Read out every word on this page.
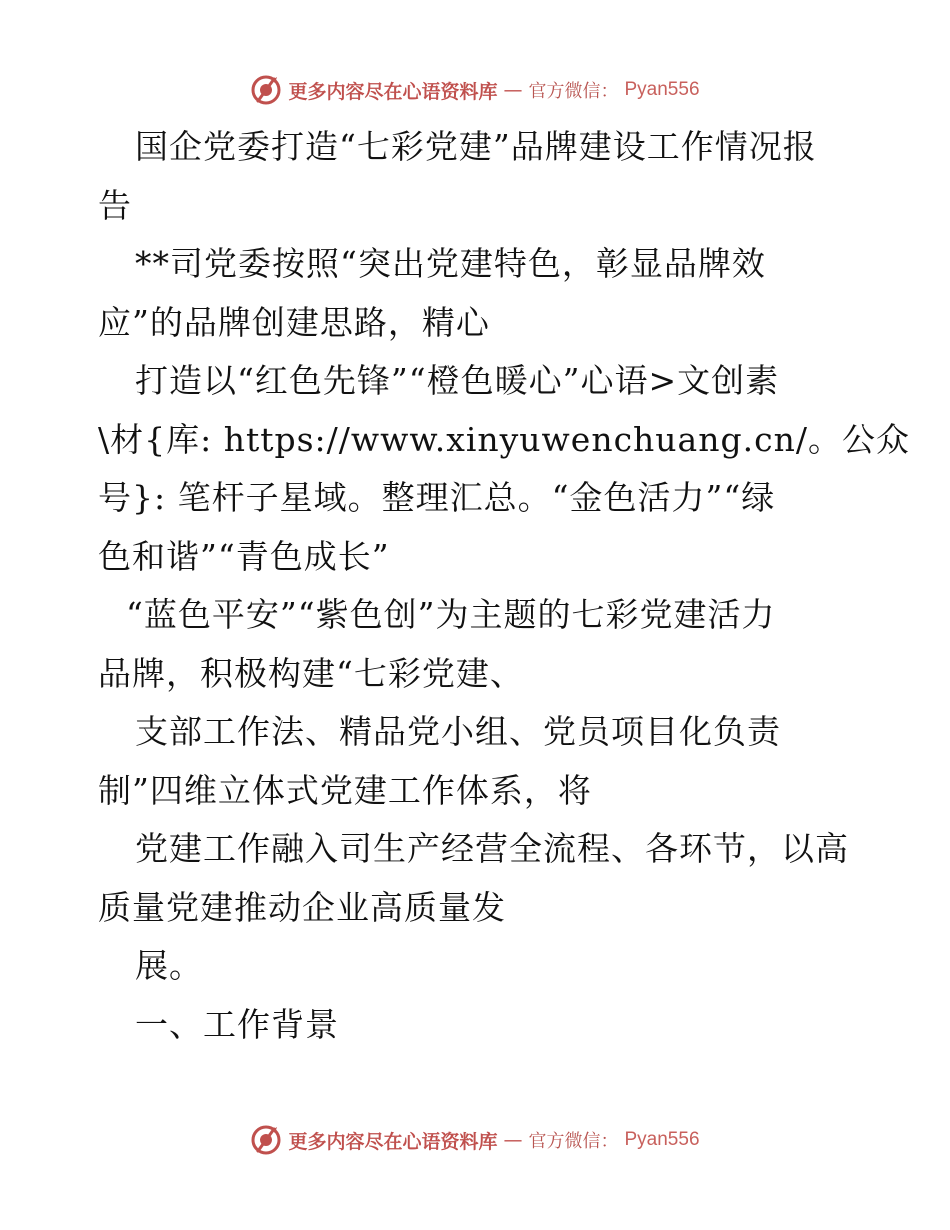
更多内容尽在心语资料库 — 官方微信： Pyan556
国企党委打造“七彩党建”品牌建设工作情况报
告
**司党委按照“突出党建特色，彰显品牌效
应”的品牌创建思路，精心
打造以“红色先锋”“橙色暖心”心语>文创素
\材{库: https://www.xinyuwenchuang.cn/。公众
号}: 笔杆子星域。整理汇总。“金色活力”“绿
色和谐”“青色成长”
“蓝色平安”“紫色创”为主题的七彩党建活力
品牌，积极构建“七彩党建、
支部工作法、精品党小组、党员项目化负责
制”四维立体式党建工作体系，将
党建工作融入司生产经营全流程、各环节，以高
质量党建推动企业高质量发
展。
一、工作背景
更多内容尽在心语资料库 — 官方微信： Pyan556
